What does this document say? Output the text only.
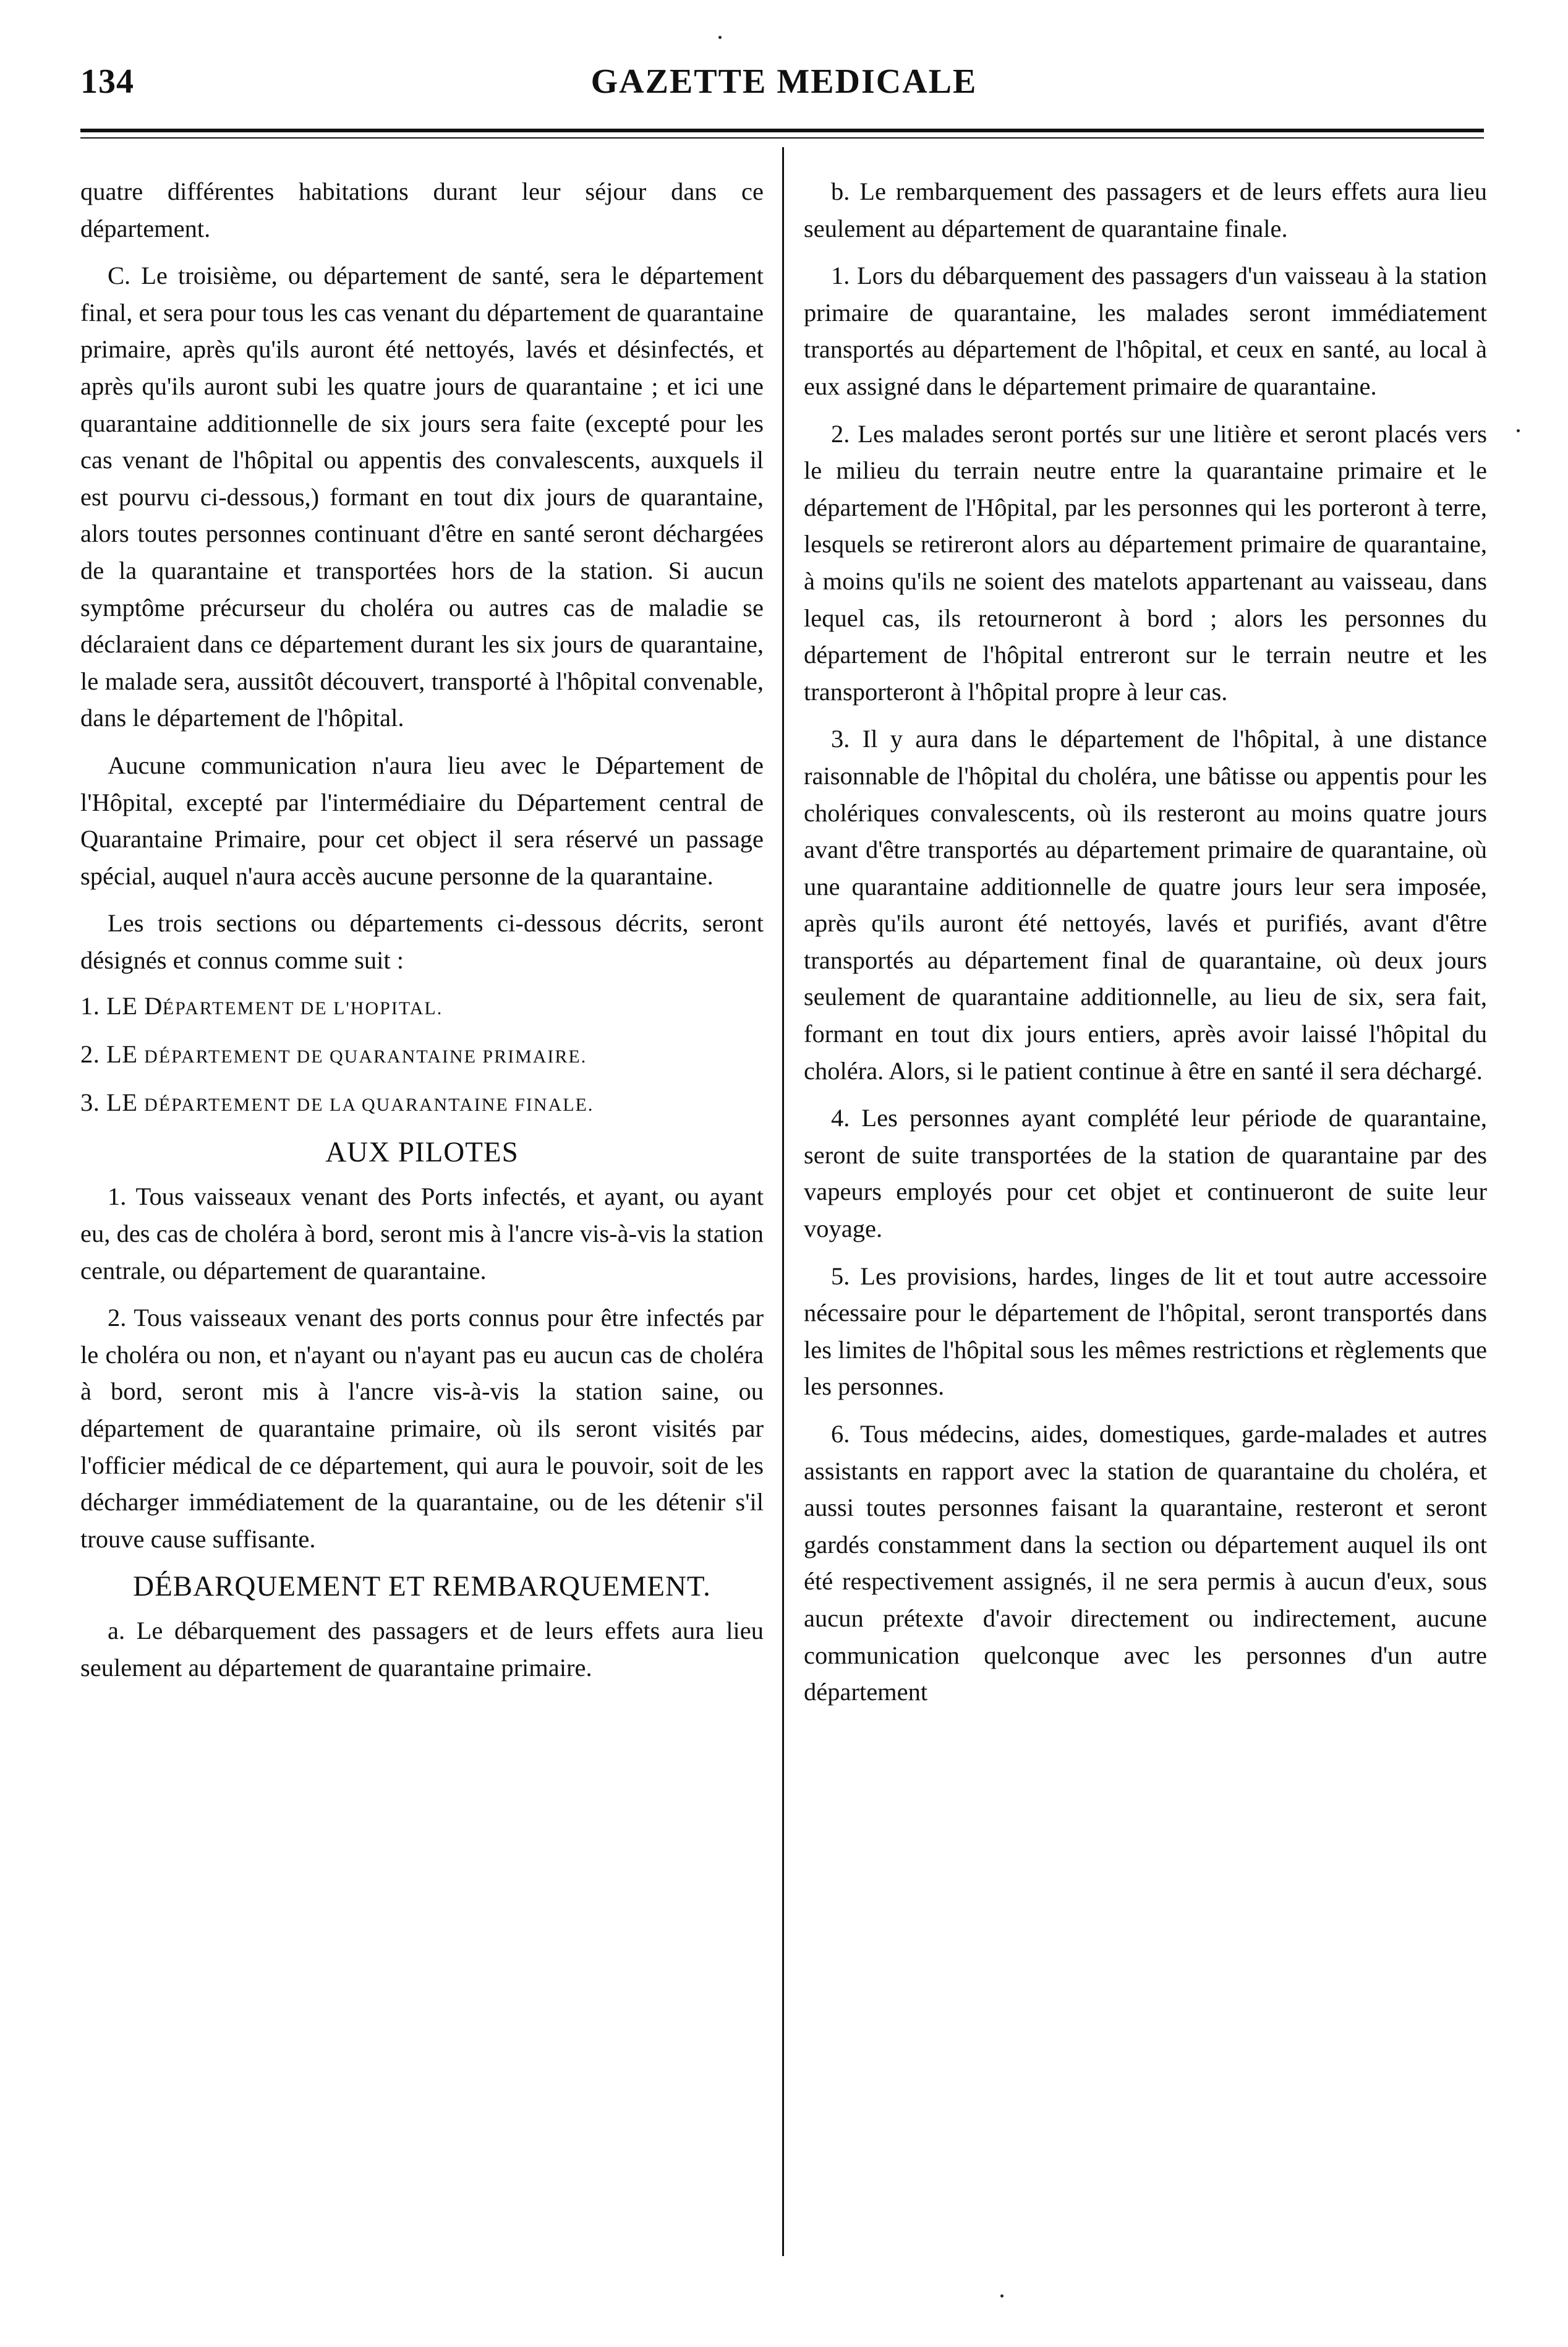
134	GAZETTE MEDICALE

quatre différentes habitations durant leur séjour dans ce département.

C. Le troisième, ou département de santé, sera le département final, et sera pour tous les cas venant du département de quarantaine primaire, après qu'ils auront été nettoyés, lavés et désinfectés, et après qu'ils auront subi les quatre jours de quarantaine ; et ici une quarantaine additionnelle de six jours sera faite (excepté pour les cas venant de l'hôpital ou appentis des convalescents, auxquels il est pourvu ci-dessous,) formant en tout dix jours de quarantaine, alors toutes personnes continuant d'être en santé seront déchargées de la quarantaine et transportées hors de la station. Si aucun symptôme précurseur du choléra ou autres cas de maladie se déclaraient dans ce département durant les six jours de quarantaine, le malade sera, aussitôt découvert, transporté à l'hôpital convenable, dans le département de l'hôpital.

Aucune communication n'aura lieu avec le Département de l'Hôpital, excepté par l'intermédiaire du Département central de Quarantaine Primaire, pour cet object il sera réservé un passage spécial, auquel n'aura accès aucune personne de la quarantaine.

Les trois sections ou départements ci-dessous décrits, seront désignés et connus comme suit :

1. LE DÉPARTEMENT DE L'HOPITAL.
2. LE DÉPARTEMENT DE QUARANTAINE PRIMAIRE.
3. LE DÉPARTEMENT DE LA QUARANTAINE FINALE.
AUX PILOTES

1. Tous vaisseaux venant des Ports infectés, et ayant, ou ayant eu, des cas de choléra à bord, seront mis à l'ancre vis-à-vis la station centrale, ou département de quarantaine.

2. Tous vaisseaux venant des ports connus pour être infectés par le choléra ou non, et n'ayant ou n'ayant pas eu aucun cas de choléra à bord, seront mis à l'ancre vis-à-vis la station saine, ou département de quarantaine primaire, où ils seront visités par l'officier médical de ce département, qui aura le pouvoir, soit de les décharger immédiatement de la quarantaine, ou de les détenir s'il trouve cause suffisante.

DÉBARQUEMENT ET REMBARQUEMENT.

a. Le débarquement des passagers et de leurs effets aura lieu seulement au département de quarantaine primaire.

b. Le rembarquement des passagers et de leurs effets aura lieu seulement au département de quarantaine finale.

1. Lors du débarquement des passagers d'un vaisseau à la station primaire de quarantaine, les malades seront immédiatement transportés au département de l'hôpital, et ceux en santé, au local à eux assigné dans le département primaire de quarantaine.

2. Les malades seront portés sur une litière et seront placés vers le milieu du terrain neutre entre la quarantaine primaire et le département de l'Hôpital, par les personnes qui les porteront à terre, lesquels se retireront alors au département primaire de quarantaine, à moins qu'ils ne soient des matelots appartenant au vaisseau, dans lequel cas, ils retourneront à bord ; alors les personnes du département de l'hôpital entreront sur le terrain neutre et les transporteront à l'hôpital propre à leur cas.

3. Il y aura dans le département de l'hôpital, à une distance raisonnable de l'hôpital du choléra, une bâtisse ou appentis pour les cholériques convalescents, où ils resteront au moins quatre jours avant d'être transportés au département primaire de quarantaine, où une quarantaine additionnelle de quatre jours leur sera imposée, après qu'ils auront été nettoyés, lavés et purifiés, avant d'être transportés au département final de quarantaine, où deux jours seulement de quarantaine additionnelle, au lieu de six, sera fait, formant en tout dix jours entiers, après avoir laissé l'hôpital du choléra. Alors, si le patient continue à être en santé il sera déchargé.

4. Les personnes ayant complété leur période de quarantaine, seront de suite transportées de la station de quarantaine par des vapeurs employés pour cet objet et continueront de suite leur voyage.

5. Les provisions, hardes, linges de lit et tout autre accessoire nécessaire pour le département de l'hôpital, seront transportés dans les limites de l'hôpital sous les mêmes restrictions et règlements que les personnes.

6. Tous médecins, aides, domestiques, garde-malades et autres assistants en rapport avec la station de quarantaine du choléra, et aussi toutes personnes faisant la quarantaine, resteront et seront gardés constamment dans la section ou département auquel ils ont été respectivement assignés, il ne sera permis à aucun d'eux, sous aucun prétexte d'avoir directement ou indirectement, aucune communication quelconque avec les personnes d'un autre département
